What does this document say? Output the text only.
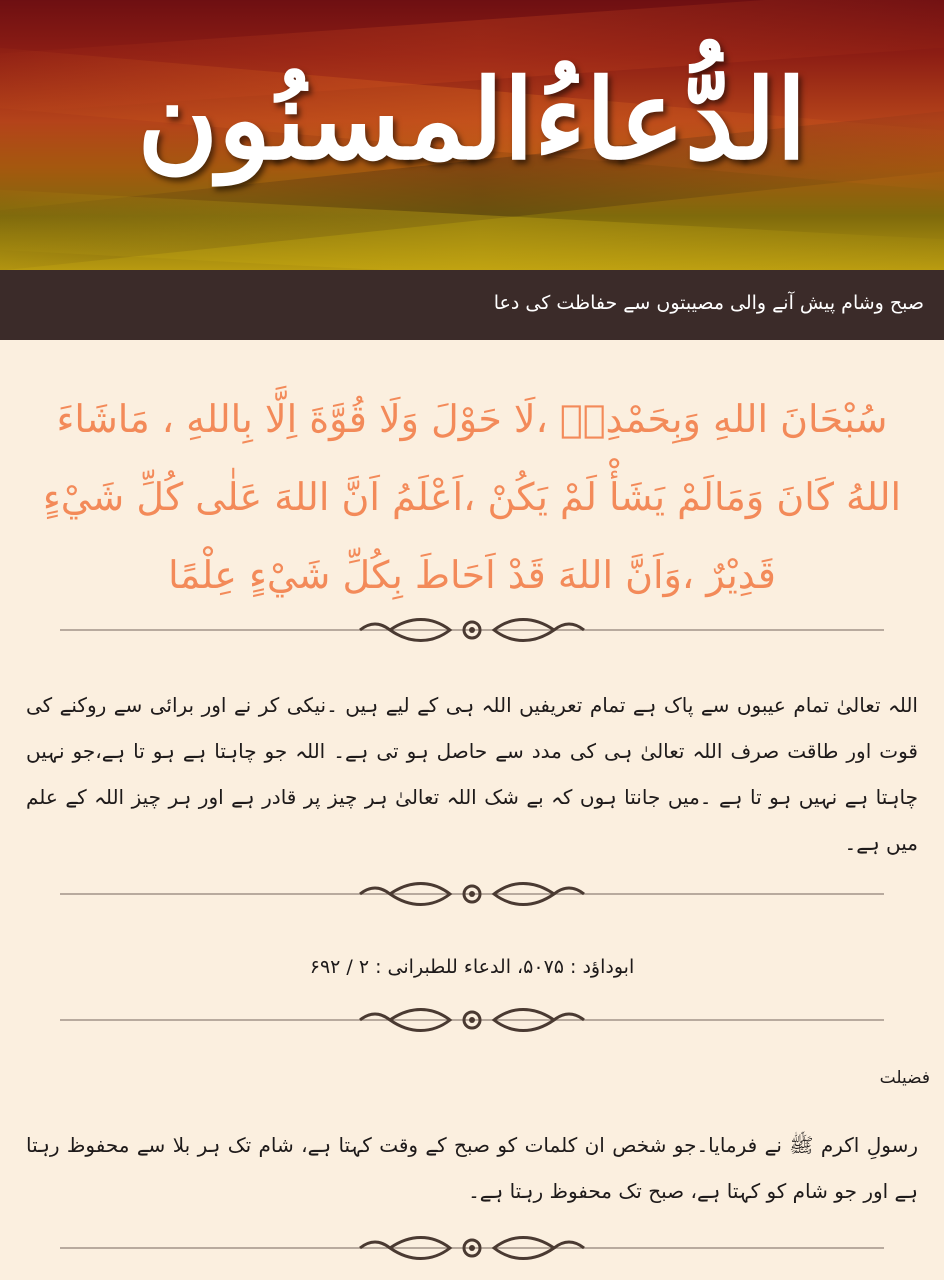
الدُّعاءُالمسنُون
صبح وشام پیش آنے والی مصیبتوں سے حفاظت کی دعا
سُبْحَانَ اللهِ وَبِحَمْدِهٖ ،لَا حَوْلَ وَلَا قُوَّةَ اِلَّا بِاللهِ ، مَاشَاءَ اللهُ كَانَ وَمَالَمْ يَشَأْ لَمْ يَكُنْ ،اَعْلَمُ اَنَّ اللهَ عَلٰى كُلِّ شَيْءٍ قَدِيْرٌ ،وَاَنَّ اللهَ قَدْ اَحَاطَ بِكُلِّ شَيْءٍ عِلْمًا
اللہ تعالیٰ تمام عیبوں سے پاک ہے تمام تعریفیں اللہ ہی کے لیے ہیں ۔نیکی کر نے اور برائی سے روکنے کی قوت اور طاقت صرف اللہ تعالیٰ ہی کی مدد سے حاصل ہو تی ہے۔ اللہ جو چاہتا ہے ہو تا ہے،جو نہیں چاہتا ہے نہیں ہو تا ہے ۔میں جانتا ہوں کہ بے شک اللہ تعالیٰ ہر چیز پر قادر ہے اور ہر چیز اللہ کے علم میں ہے۔
ابوداؤد : ۵۰۷۵، الدعاء للطبرانی : ۲ / ۶۹۲
فضیلت
رسولِ اکرم ﷺ نے فرمایا۔جو شخص ان کلمات کو صبح کے وقت کہتا ہے، شام تک ہر بلا سے محفوظ رہتا ہے اور جو شام کو کہتا ہے، صبح تک محفوظ رہتا ہے۔
